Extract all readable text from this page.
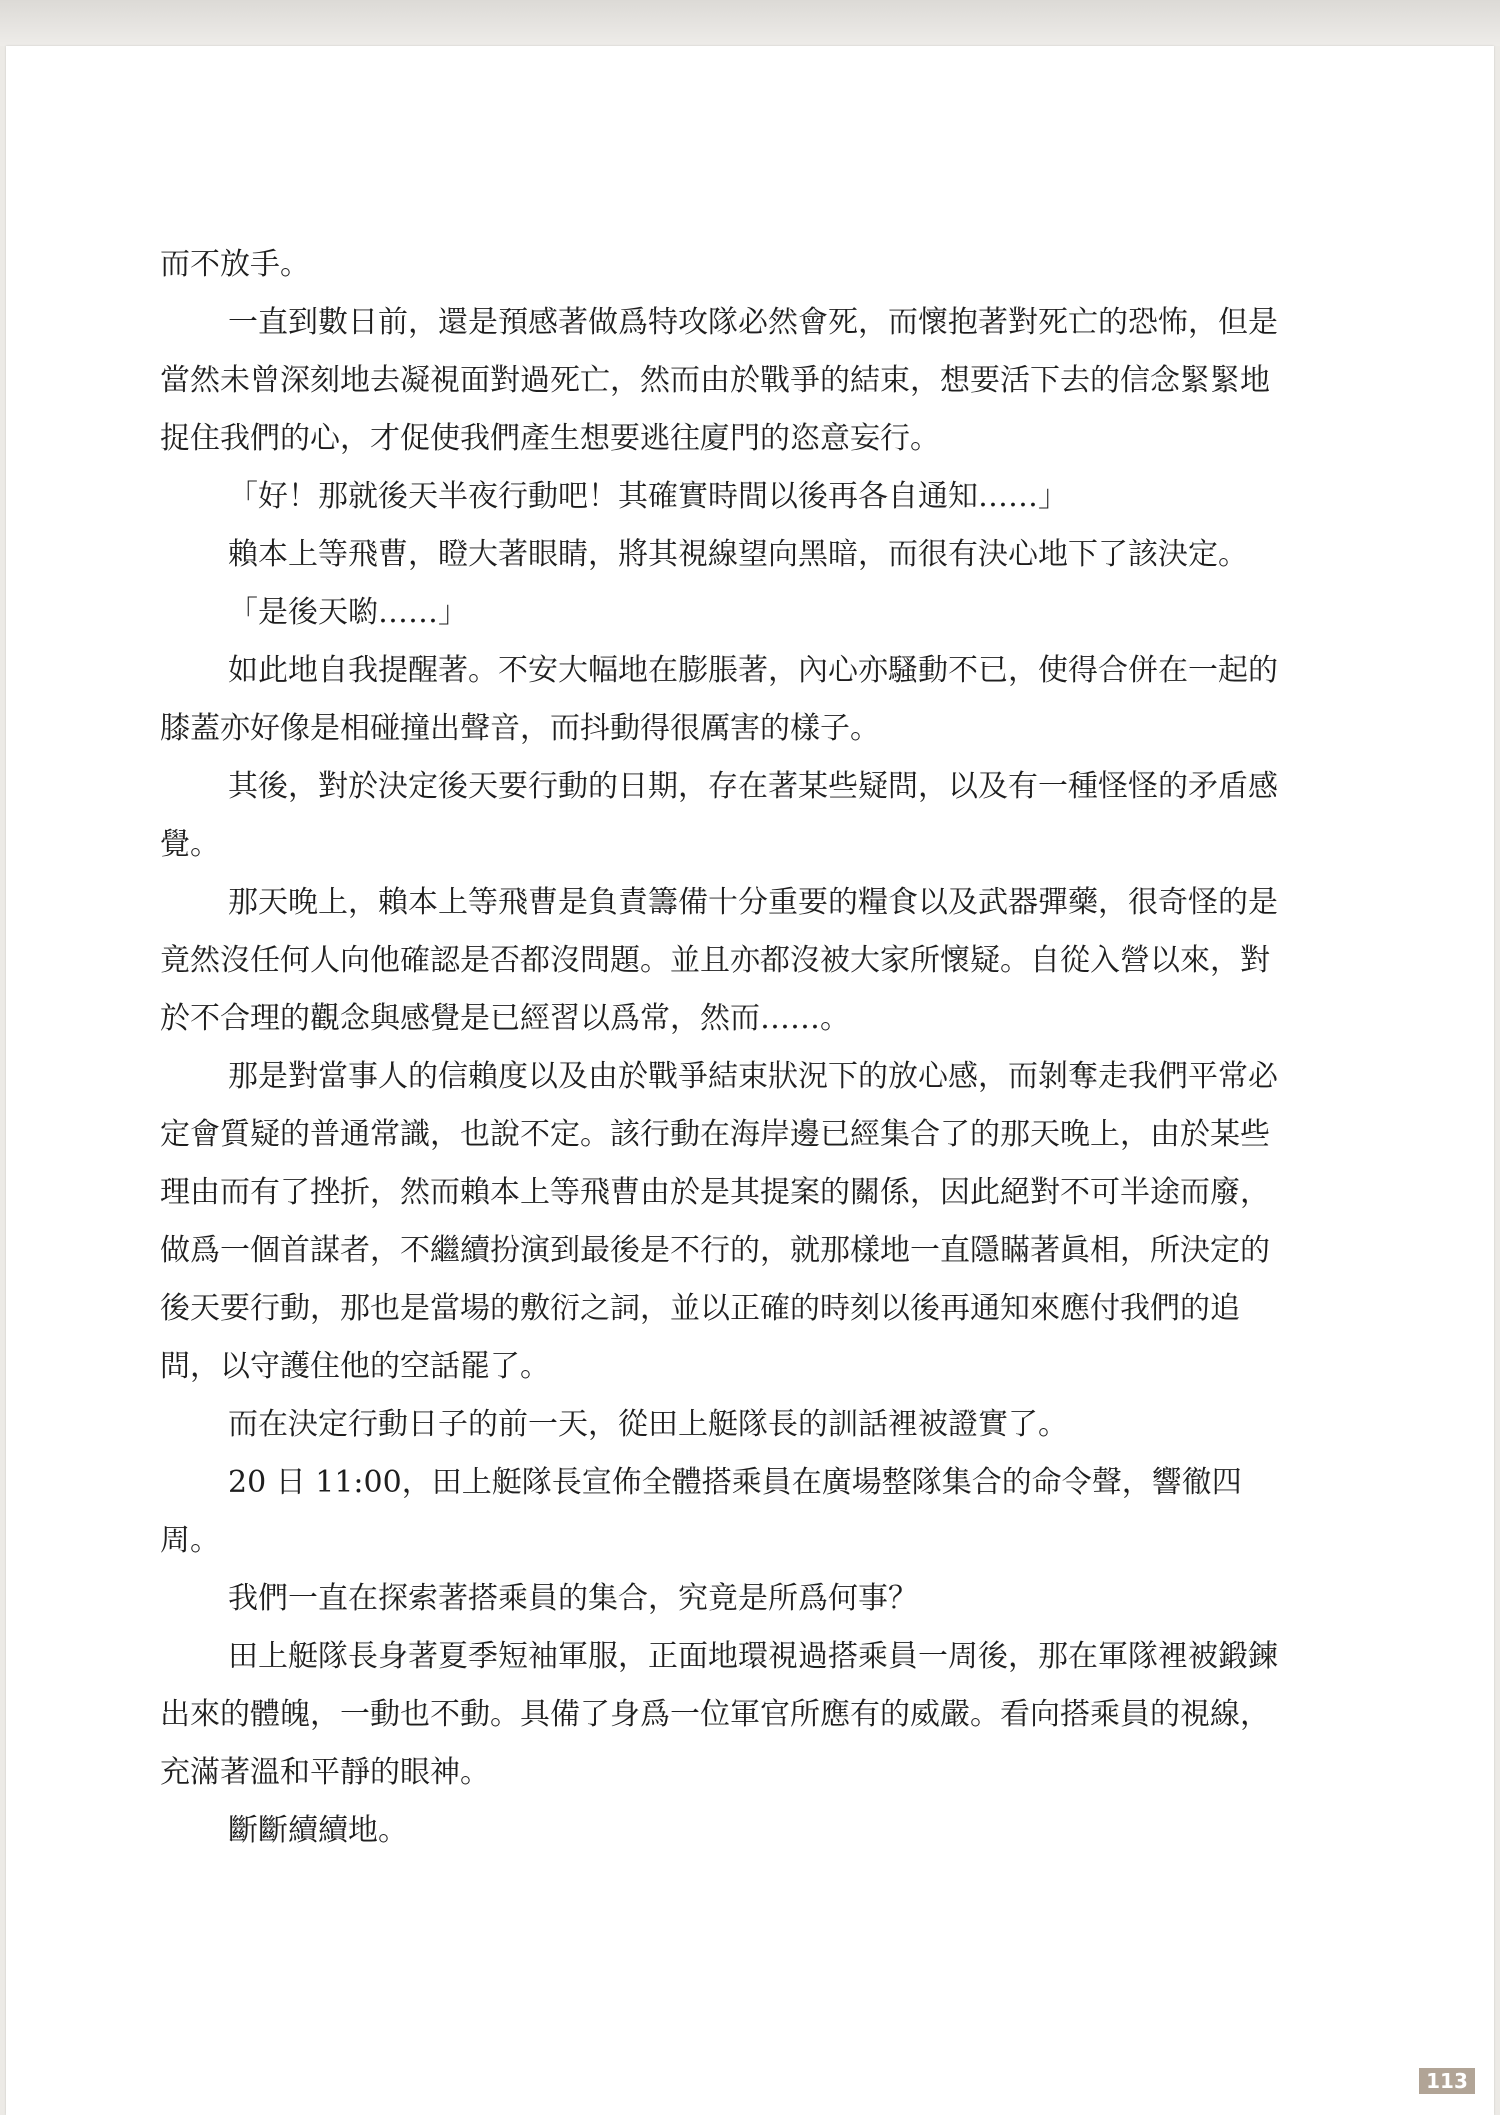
而不放手。

一直到數日前，還是預感著做爲特攻隊必然會死，而懷抱著對死亡的恐怖，但是當然未曾深刻地去凝視面對過死亡，然而由於戰爭的結束，想要活下去的信念緊緊地捉住我們的心，才促使我們產生想要逃往廈門的恣意妄行。

「好！那就後天半夜行動吧！其確實時間以後再各自通知……」

賴本上等飛曹，瞪大著眼睛，將其視線望向黑暗，而很有決心地下了該決定。

「是後天喲……」

如此地自我提醒著。不安大幅地在膨脹著，內心亦騷動不已，使得合併在一起的膝蓋亦好像是相碰撞出聲音，而抖動得很厲害的樣子。

其後，對於決定後天要行動的日期，存在著某些疑問，以及有一種怪怪的矛盾感覺。

那天晚上，賴本上等飛曹是負責籌備十分重要的糧食以及武器彈藥，很奇怪的是竟然沒任何人向他確認是否都沒問題。並且亦都沒被大家所懷疑。自從入營以來，對於不合理的觀念與感覺是已經習以爲常，然而……。

那是對當事人的信賴度以及由於戰爭結束狀況下的放心感，而剝奪走我們平常必定會質疑的普通常識，也說不定。該行動在海岸邊已經集合了的那天晚上，由於某些理由而有了挫折，然而賴本上等飛曹由於是其提案的關係，因此絕對不可半途而廢，做爲一個首謀者，不繼續扮演到最後是不行的，就那樣地一直隱瞞著眞相，所決定的後天要行動，那也是當場的敷衍之詞，並以正確的時刻以後再通知來應付我們的追問，以守護住他的空話罷了。

而在決定行動日子的前一天，從田上艇隊長的訓話裡被證實了。

20 日 11:00，田上艇隊長宣佈全體搭乘員在廣場整隊集合的命令聲，響徹四周。

我們一直在探索著搭乘員的集合，究竟是所爲何事？

田上艇隊長身著夏季短袖軍服，正面地環視過搭乘員一周後，那在軍隊裡被鍛鍊出來的體魄，一動也不動。具備了身爲一位軍官所應有的威嚴。看向搭乘員的視線，充滿著溫和平靜的眼神。

斷斷續續地。

113
